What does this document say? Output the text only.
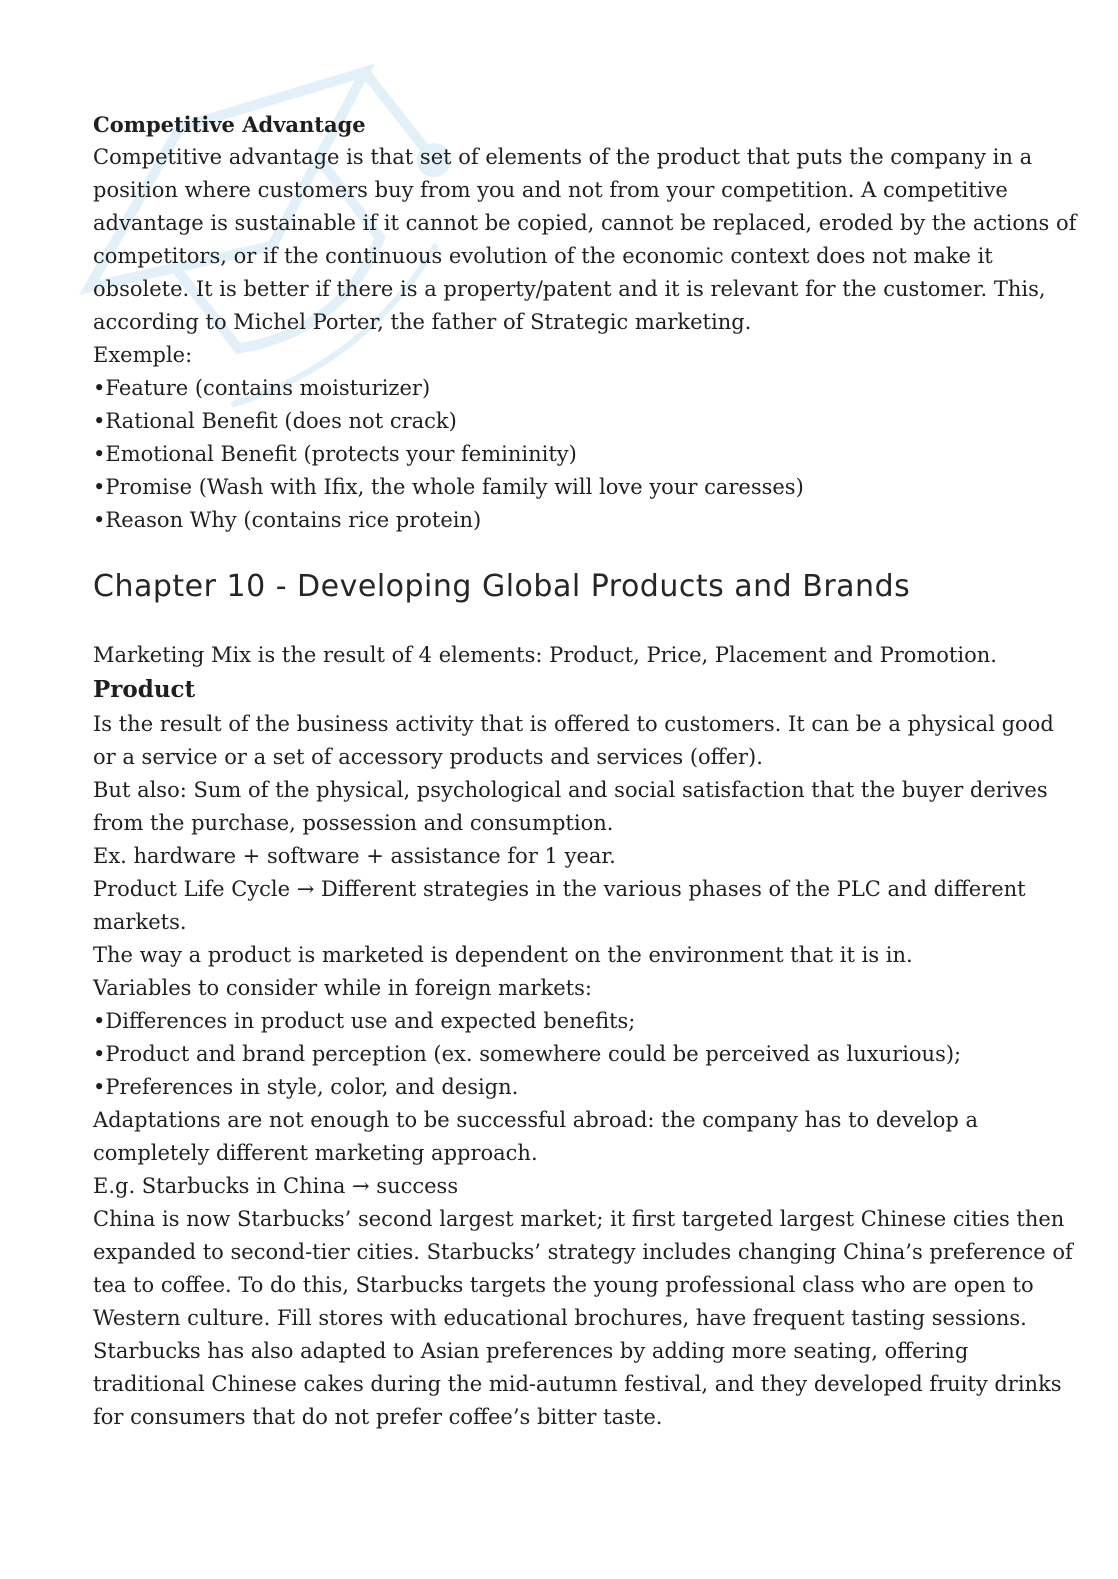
Competitive Advantage
Competitive advantage is that set of elements of the product that puts the company in a
position where customers buy from you and not from your competition. A competitive
advantage is sustainable if it cannot be copied, cannot be replaced, eroded by the actions of
competitors, or if the continuous evolution of the economic context does not make it
obsolete. It is better if there is a property/patent and it is relevant for the customer. This,
according to Michel Porter, the father of Strategic marketing.
Exemple:
• Feature (contains moisturizer)
• Rational Benefit (does not crack)
• Emotional Benefit (protects your femininity)
• Promise (Wash with Ifix, the whole family will love your caresses)
• Reason Why (contains rice protein)
Chapter 10 - Developing Global Products and Brands
Marketing Mix is the result of 4 elements: Product, Price, Placement and Promotion.
Product
Is the result of the business activity that is offered to customers. It can be a physical good
or a service or a set of accessory products and services (offer).
But also: Sum of the physical, psychological and social satisfaction that the buyer derives
from the purchase, possession and consumption.
Ex. hardware + software + assistance for 1 year.
Product Life Cycle → Different strategies in the various phases of the PLC and different
markets.
The way a product is marketed is dependent on the environment that it is in.
Variables to consider while in foreign markets:
• Differences in product use and expected benefits;
• Product and brand perception (ex. somewhere could be perceived as luxurious);
• Preferences in style, color, and design.
Adaptations are not enough to be successful abroad: the company has to develop a
completely different marketing approach.
E.g. Starbucks in China → success
China is now Starbucks’ second largest market; it first targeted largest Chinese cities then
expanded to second-tier cities. Starbucks’ strategy includes changing China’s preference of
tea to coffee. To do this, Starbucks targets the young professional class who are open to
Western culture. Fill stores with educational brochures, have frequent tasting sessions.
Starbucks has also adapted to Asian preferences by adding more seating, offering
traditional Chinese cakes during the mid-autumn festival, and they developed fruity drinks
for consumers that do not prefer coffee’s bitter taste.
